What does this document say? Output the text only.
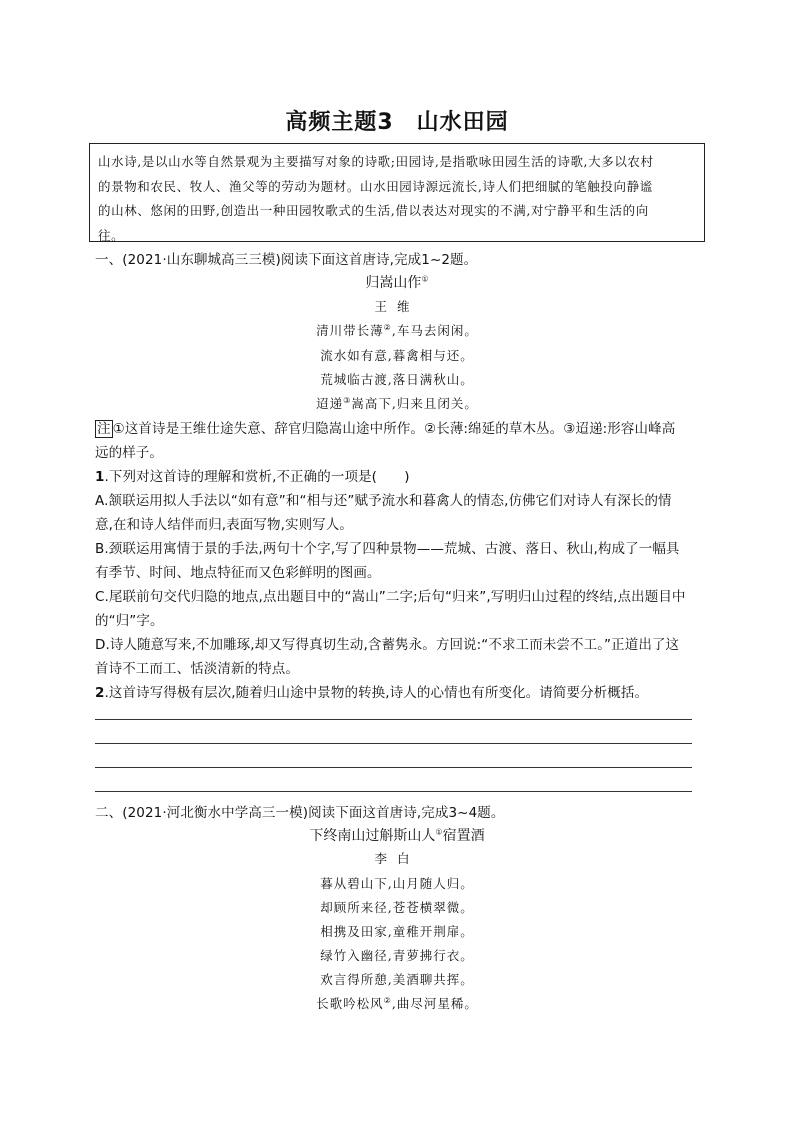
高频主题3　山水田园

山水诗,是以山水等自然景观为主要描写对象的诗歌;田园诗,是指歌咏田园生活的诗歌,大多以农村

的景物和农民、牧人、渔父等的劳动为题材。山水田园诗源远流长,诗人们把细腻的笔触投向静谧

的山林、悠闲的田野,创造出一种田园牧歌式的生活,借以表达对现实的不满,对宁静平和生活的向

往。

一、(2021·山东聊城高三三模)阅读下面这首唐诗,完成1~2题。
归嵩山作①
王维
清川带长薄②,车马去闲闲。
流水如有意,暮禽相与还。
荒城临古渡,落日满秋山。
迢递③嵩高下,归来且闭关。
注 ①这首诗是王维仕途失意、辞官归隐嵩山途中所作。②长薄:绵延的草木丛。③迢递:形容山峰高
远的样子。
1.下列对这首诗的理解和赏析,不正确的一项是(　　)
A.颔联运用拟人手法以“如有意”和“相与还”赋予流水和暮禽人的情态,仿佛它们对诗人有深长的情
意,在和诗人结伴而归,表面写物,实则写人。
B.颈联运用寓情于景的手法,两句十个字,写了四种景物——荒城、古渡、落日、秋山,构成了一幅具
有季节、时间、地点特征而又色彩鲜明的图画。
C.尾联前句交代归隐的地点,点出题目中的“嵩山”二字;后句“归来”,写明归山过程的终结,点出题目中
的“归”字。
D.诗人随意写来,不加雕琢,却又写得真切生动,含蓄隽永。方回说:“不求工而未尝不工。”正道出了这
首诗不工而工、恬淡清新的特点。
2.这首诗写得极有层次,随着归山途中景物的转换,诗人的心情也有所变化。请简要分析概括。
二、(2021·河北衡水中学高三一模)阅读下面这首唐诗,完成3~4题。
下终南山过斛斯山人①宿置酒
李白
暮从碧山下,山月随人归。
却顾所来径,苍苍横翠微。
相携及田家,童稚开荆扉。
绿竹入幽径,青萝拂行衣。
欢言得所憩,美酒聊共挥。
长歌吟松风②,曲尽河星稀。
